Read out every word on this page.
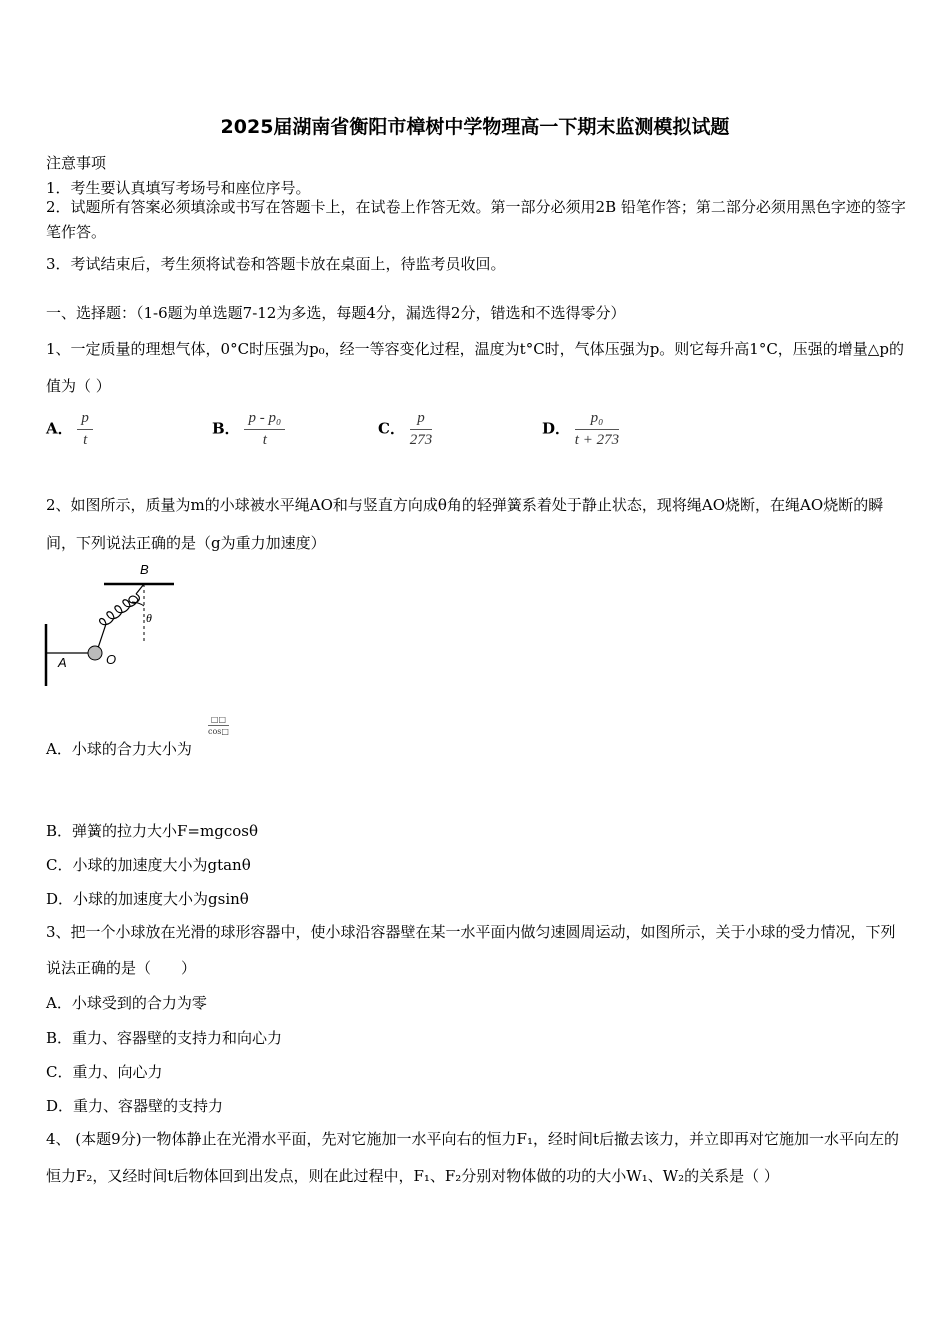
2025届湖南省衡阳市樟树中学物理高一下期末监测模拟试题
注意事项
1．考生要认真填写考场号和座位序号。
2．试题所有答案必须填涂或书写在答题卡上，在试卷上作答无效。第一部分必须用2B 铅笔作答；第二部分必须用黑色字迹的签字笔作答。
3．考试结束后，考生须将试卷和答题卡放在桌面上，待监考员收回。
一、选择题：（1-6题为单选题7-12为多选，每题4分，漏选得2分，错选和不选得零分）
1、一定质量的理想气体，0°C时压强为p₀，经一等容变化过程，温度为t°C时，气体压强为p。则它每升高1°C，压强的增量△p的值为（ ）
A． $\frac{p}{t}$	B． $\frac{\text{p - p₀}}{t}$	C． $\frac{p}{273}$	D． $\frac{\text{p₀}}{t + 273}$
2、如图所示，质量为m的小球被水平绳AO和与竖直方向成θ角的轻弹簧系着处于静止状态，现将绳AO烧断，在绳AO烧断的瞬间，下列说法正确的是（g为重力加速度）
B
A	O
θ
A．小球的合力大小为
$\frac{□□}{\cos□}$
B．弹簧的拉力大小F=mgcosθ
C．小球的加速度大小为gtanθ
D．小球的加速度大小为gsinθ
3、把一个小球放在光滑的球形容器中，使小球沿容器壁在某一水平面内做匀速圆周运动，如图所示，关于小球的受力情况，下列说法正确的是（　　）
A．小球受到的合力为零
B．重力、容器壁的支持力和向心力
C．重力、向心力
D．重力、容器壁的支持力
4、 (本题9分)一物体静止在光滑水平面，先对它施加一水平向右的恒力F₁，经时间t后撤去该力，并立即再对它施加一水平向左的恒力F₂，又经时间t后物体回到出发点，则在此过程中，F₁、F₂分别对物体做的功的大小W₁、W₂的关系是（ ）
